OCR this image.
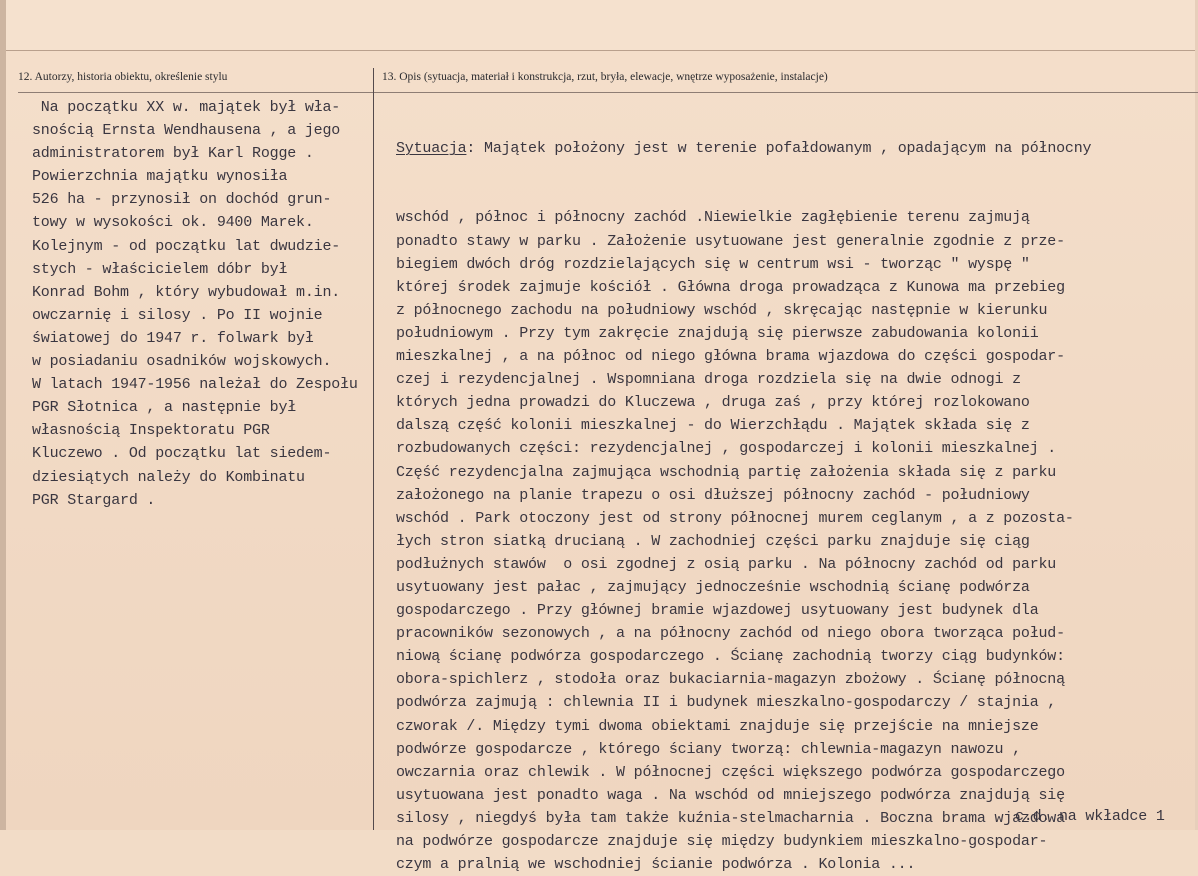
12. Autorzy, historia obiektu, określenie stylu	13. Opis (sytuacja, materiał i konstrukcja, rzut, bryła, elewacje, wnętrze wyposażenie, instalacje)
Na początku XX w. majątek był wła-
snością Ernsta Wendhausena , a jego
administratorem był Karl Rogge .
Powierzchnia majątku wynosiła
526 ha - przynosił on dochód grun-
towy w wysokości ok. 9400 Marek.
Kolejnym - od początku lat dwudzie-
stych - właścicielem dóbr był
Konrad Bohm , który wybudował m.in.
owczarnię i silosy . Po II wojnie
światowej do 1947 r. folwark był
w posiadaniu osadników wojskowych.
W latach 1947-1956 należał do Zespołu
PGR Słotnica , a następnie był
własnością Inspektoratu PGR
Kluczewo . Od początku lat siedem-
dziesiątych należy do Kombinatu
PGR Stargard .

Sytuacja: Majątek położony jest w terenie pofałdowanym , opadającym na północny

wschód , północ i północny zachód .Niewielkie zagłębienie terenu zajmują
ponadto stawy w parku . Założenie usytuowane jest generalnie zgodnie z prze-
biegiem dwóch dróg rozdzielających się w centrum wsi - tworząc " wyspę "
której środek zajmuje kościół . Główna droga prowadząca z Kunowa ma przebieg
z północnego zachodu na południowy wschód , skręcając następnie w kierunku
południowym . Przy tym zakręcie znajdują się pierwsze zabudowania kolonii
mieszkalnej , a na północ od niego główna brama wjazdowa do części gospodar-
czej i rezydencjalnej . Wspomniana droga rozdziela się na dwie odnogi z
których jedna prowadzi do Kluczewa , druga zaś , przy której rozlokowano
dalszą część kolonii mieszkalnej - do Wierzchłądu . Majątek składa się z
rozbudowanych części: rezydencjalnej , gospodarczej i kolonii mieszkalnej .
Część rezydencjalna zajmująca wschodnią partię założenia składa się z parku
założonego na planie trapezu o osi dłuższej północny zachód - południowy
wschód . Park otoczony jest od strony północnej murem ceglanym , a z pozosta-
łych stron siatką drucianą . W zachodniej części parku znajduje się ciąg
podłużnych stawów  o osi zgodnej z osią parku . Na północny zachód od parku
usytuowany jest pałac , zajmujący jednocześnie wschodnią ścianę podwórza
gospodarczego . Przy głównej bramie wjazdowej usytuowany jest budynek dla
pracowników sezonowych , a na północny zachód od niego obora tworząca połud-
niową ścianę podwórza gospodarczego . Ścianę zachodnią tworzy ciąg budynków:
obora-spichlerz , stodoła oraz bukaciarnia-magazyn zbożowy . Ścianę północną
podwórza zajmują : chlewnia II i budynek mieszkalno-gospodarczy / stajnia ,
czworak /. Między tymi dwoma obiektami znajduje się przejście na mniejsze
podwórze gospodarcze , którego ściany tworzą: chlewnia-magazyn nawozu ,
owczarnia oraz chlewik . W północnej części większego podwórza gospodarczego
usytuowana jest ponadto waga . Na wschód od mniejszego podwórza znajdują się
silosy , niegdyś była tam także kuźnia-stelmacharnia . Boczna brama wjazdowa
na podwórze gospodarcze znajduje się między budynkiem mieszkalno-gospodar-
czym a pralnią we wschodniej ścianie podwórza . Kolonia ...
c.d. na wkładce 1
